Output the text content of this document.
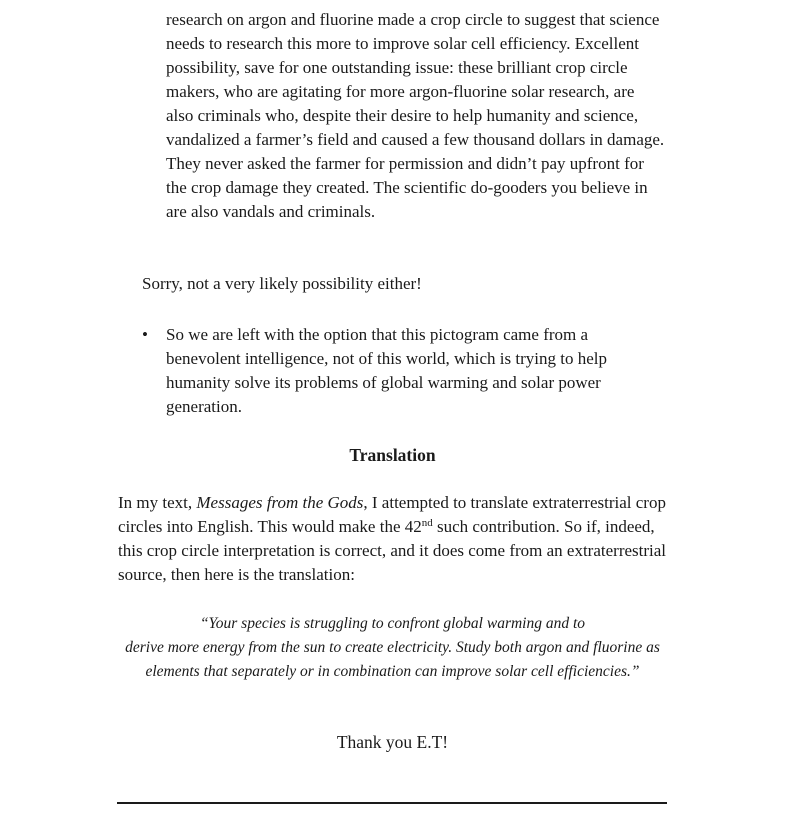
research on argon and fluorine made a crop circle to suggest that science needs to research this more to improve solar cell efficiency. Excellent possibility, save for one outstanding issue: these brilliant crop circle makers, who are agitating for more argon-fluorine solar research, are also criminals who, despite their desire to help humanity and science, vandalized a farmer’s field and caused a few thousand dollars in damage. They never asked the farmer for permission and didn’t pay upfront for the crop damage they created. The scientific do-gooders you believe in are also vandals and criminals.

Sorry, not a very likely possibility either!

• So we are left with the option that this pictogram came from a benevolent intelligence, not of this world, which is trying to help humanity solve its problems of global warming and solar power generation.
Translation

In my text, Messages from the Gods, I attempted to translate extraterrestrial crop circles into English. This would make the 42nd such contribution. So if, indeed, this crop circle interpretation is correct, and it does come from an extraterrestrial source, then here is the translation:

“Your species is struggling to confront global warming and to
derive more energy from the sun to create electricity. Study both argon and fluorine as
elements that separately or in combination can improve solar cell efficiencies.”
Thank you E.T!
